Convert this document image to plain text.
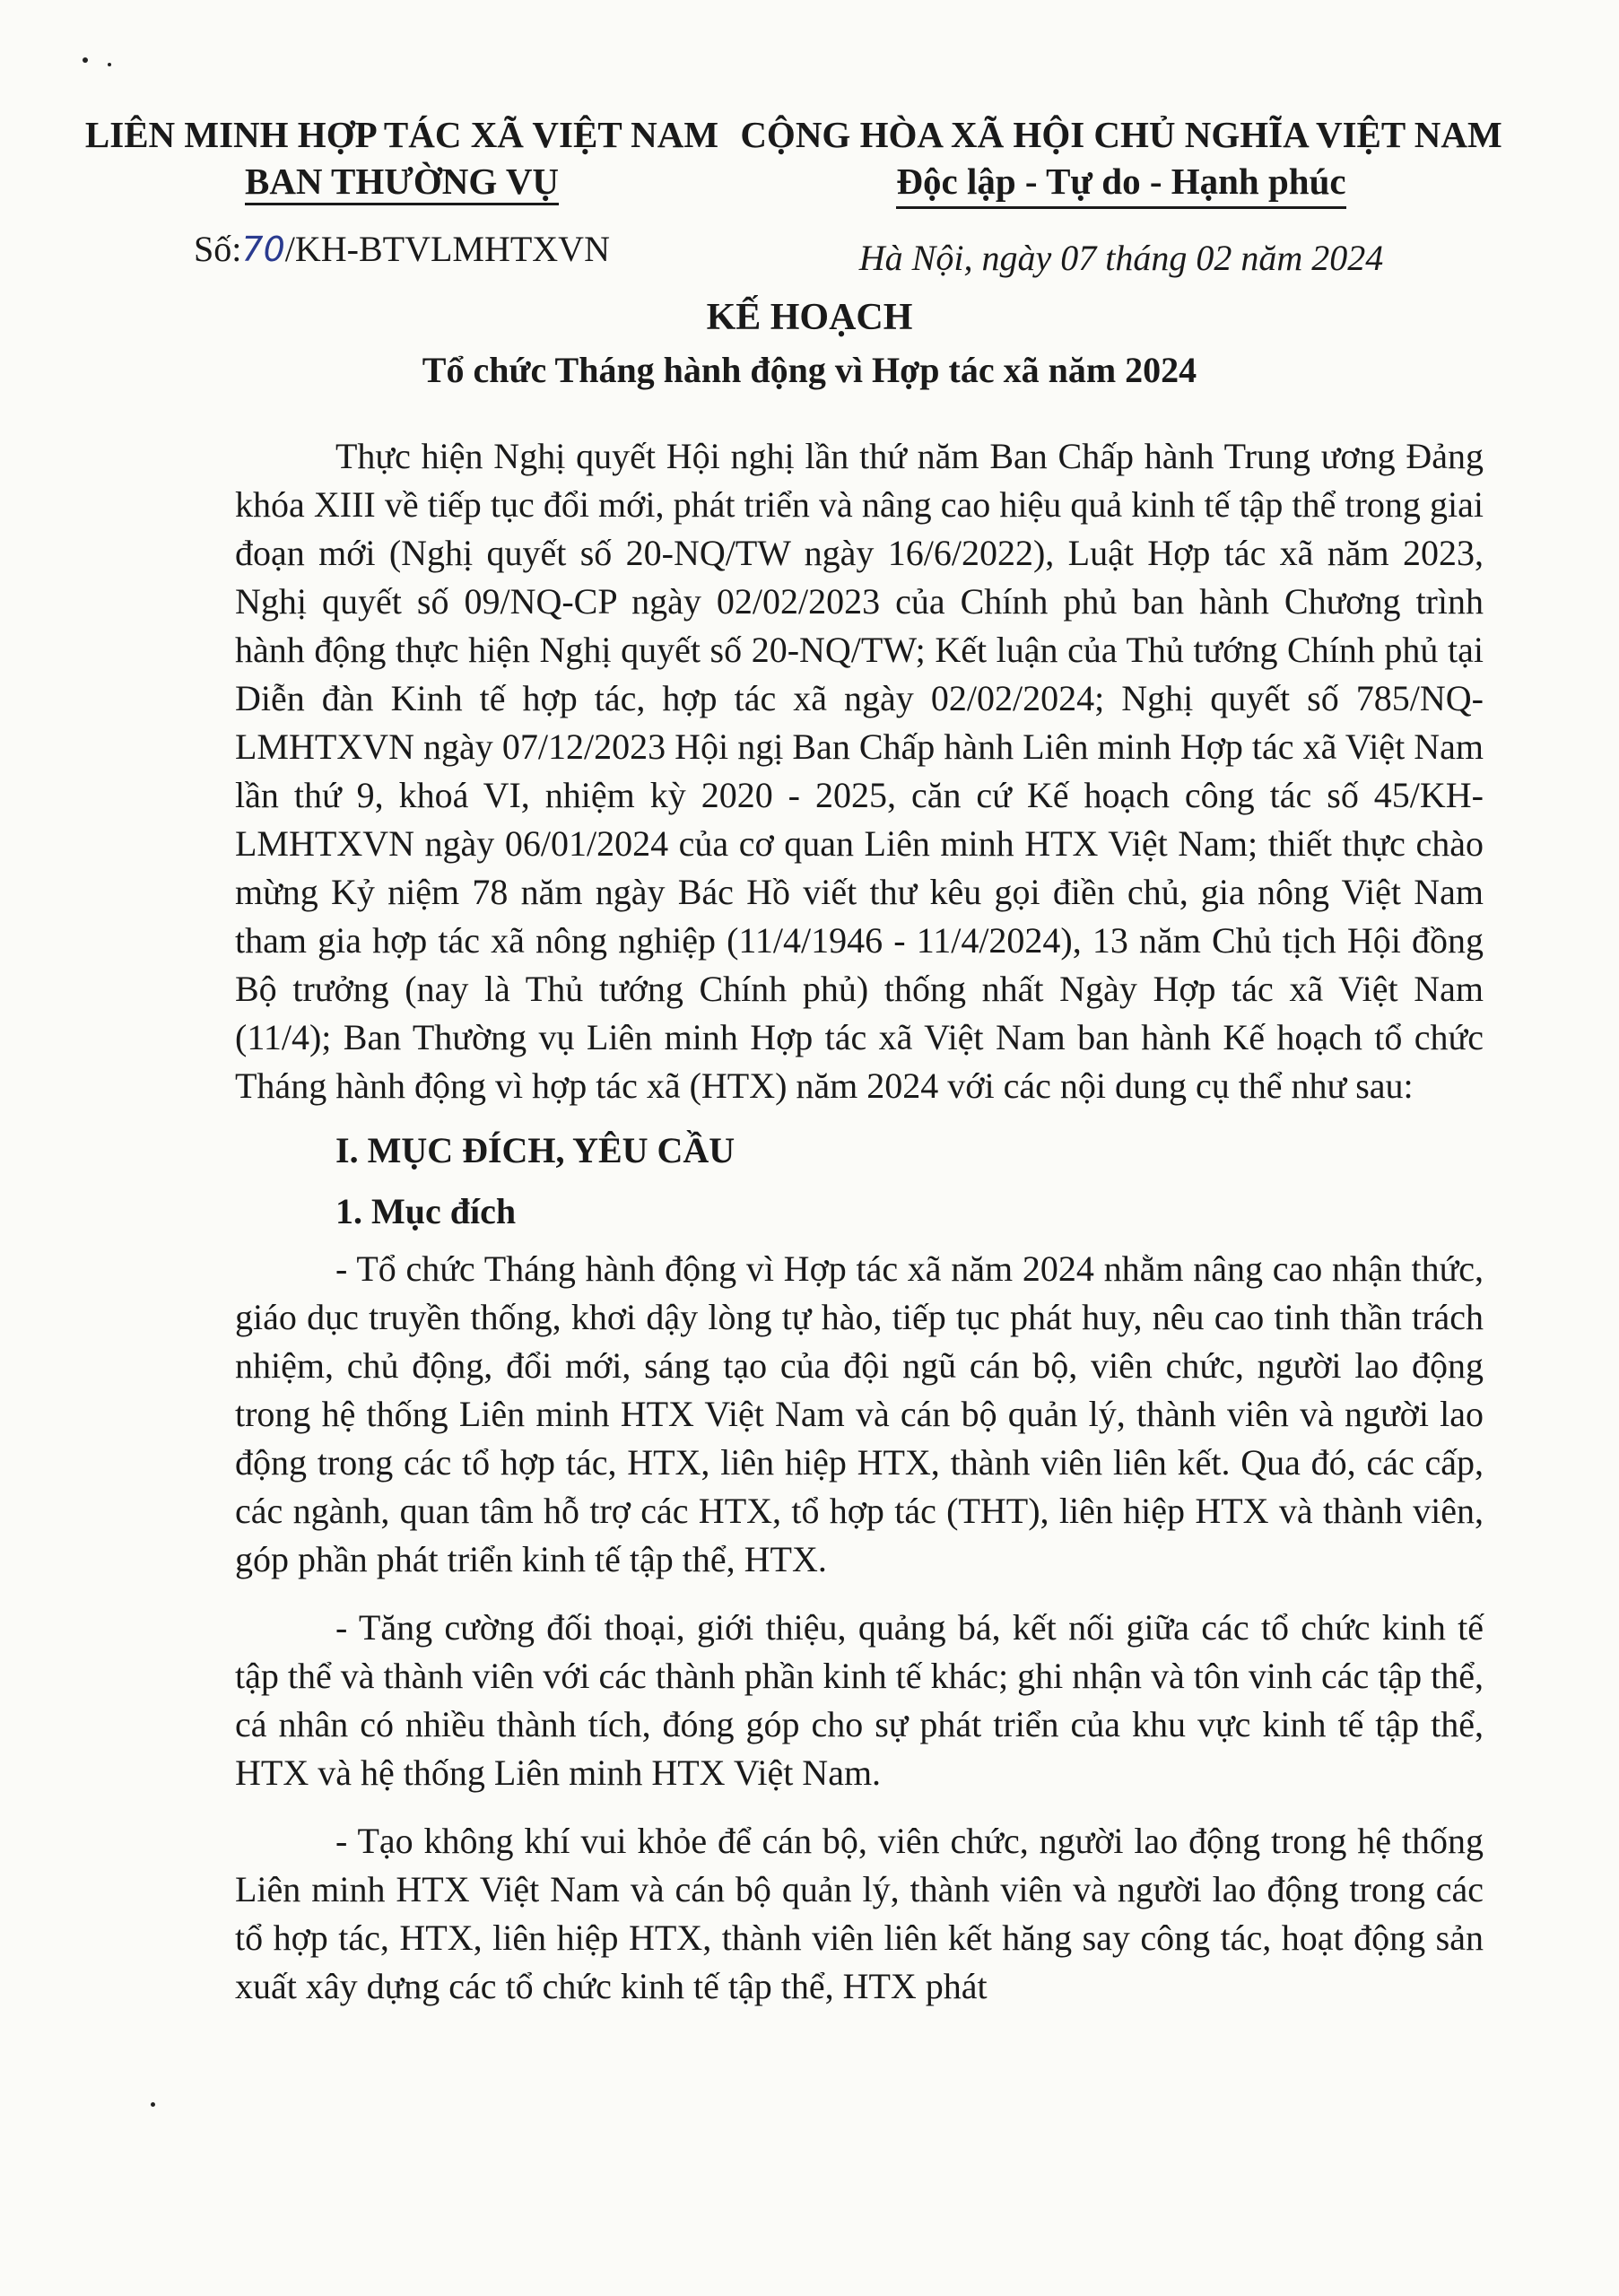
LIÊN MINH HỢP TÁC XÃ VIỆT NAM
BAN THƯỜNG VỤ
CỘNG HÒA XÃ HỘI CHỦ NGHĨA VIỆT NAM
Độc lập - Tự do - Hạnh phúc
Số:70/KH-BTVLMHTXVN	Hà Nội, ngày 07 tháng 02 năm 2024
KẾ HOẠCH
Tổ chức Tháng hành động vì Hợp tác xã năm 2024

Thực hiện Nghị quyết Hội nghị lần thứ năm Ban Chấp hành Trung ương Đảng khóa XIII về tiếp tục đổi mới, phát triển và nâng cao hiệu quả kinh tế tập thể trong giai đoạn mới (Nghị quyết số 20-NQ/TW ngày 16/6/2022), Luật Hợp tác xã năm 2023, Nghị quyết số 09/NQ-CP ngày 02/02/2023 của Chính phủ ban hành Chương trình hành động thực hiện Nghị quyết số 20-NQ/TW; Kết luận của Thủ tướng Chính phủ tại Diễn đàn Kinh tế hợp tác, hợp tác xã ngày 02/02/2024; Nghị quyết số 785/NQ-LMHTXVN ngày 07/12/2023 Hội ngị Ban Chấp hành Liên minh Hợp tác xã Việt Nam lần thứ 9, khoá VI, nhiệm kỳ 2020 - 2025, căn cứ Kế hoạch công tác số 45/KH-LMHTXVN ngày 06/01/2024 của cơ quan Liên minh HTX Việt Nam; thiết thực chào mừng Kỷ niệm 78 năm ngày Bác Hồ viết thư kêu gọi điền chủ, gia nông Việt Nam tham gia hợp tác xã nông nghiệp (11/4/1946 - 11/4/2024), 13 năm Chủ tịch Hội đồng Bộ trưởng (nay là Thủ tướng Chính phủ) thống nhất Ngày Hợp tác xã Việt Nam (11/4); Ban Thường vụ Liên minh Hợp tác xã Việt Nam ban hành Kế hoạch tổ chức Tháng hành động vì hợp tác xã (HTX) năm 2024 với các nội dung cụ thể như sau:

I. MỤC ĐÍCH, YÊU CẦU

1. Mục đích

- Tổ chức Tháng hành động vì Hợp tác xã năm 2024 nhằm nâng cao nhận thức, giáo dục truyền thống, khơi dậy lòng tự hào, tiếp tục phát huy, nêu cao tinh thần trách nhiệm, chủ động, đổi mới, sáng tạo của đội ngũ cán bộ, viên chức, người lao động trong hệ thống Liên minh HTX Việt Nam và cán bộ quản lý, thành viên và người lao động trong các tổ hợp tác, HTX, liên hiệp HTX, thành viên liên kết. Qua đó, các cấp, các ngành, quan tâm hỗ trợ các HTX, tổ hợp tác (THT), liên hiệp HTX và thành viên, góp phần phát triển kinh tế tập thể, HTX.

- Tăng cường đối thoại, giới thiệu, quảng bá, kết nối giữa các tổ chức kinh tế tập thể và thành viên với các thành phần kinh tế khác; ghi nhận và tôn vinh các tập thể, cá nhân có nhiều thành tích, đóng góp cho sự phát triển của khu vực kinh tế tập thể, HTX và hệ thống Liên minh HTX Việt Nam.

- Tạo không khí vui khỏe để cán bộ, viên chức, người lao động trong hệ thống Liên minh HTX Việt Nam và cán bộ quản lý, thành viên và người lao động trong các tổ hợp tác, HTX, liên hiệp HTX, thành viên liên kết hăng say công tác, hoạt động sản xuất xây dựng các tổ chức kinh tế tập thể, HTX phát
